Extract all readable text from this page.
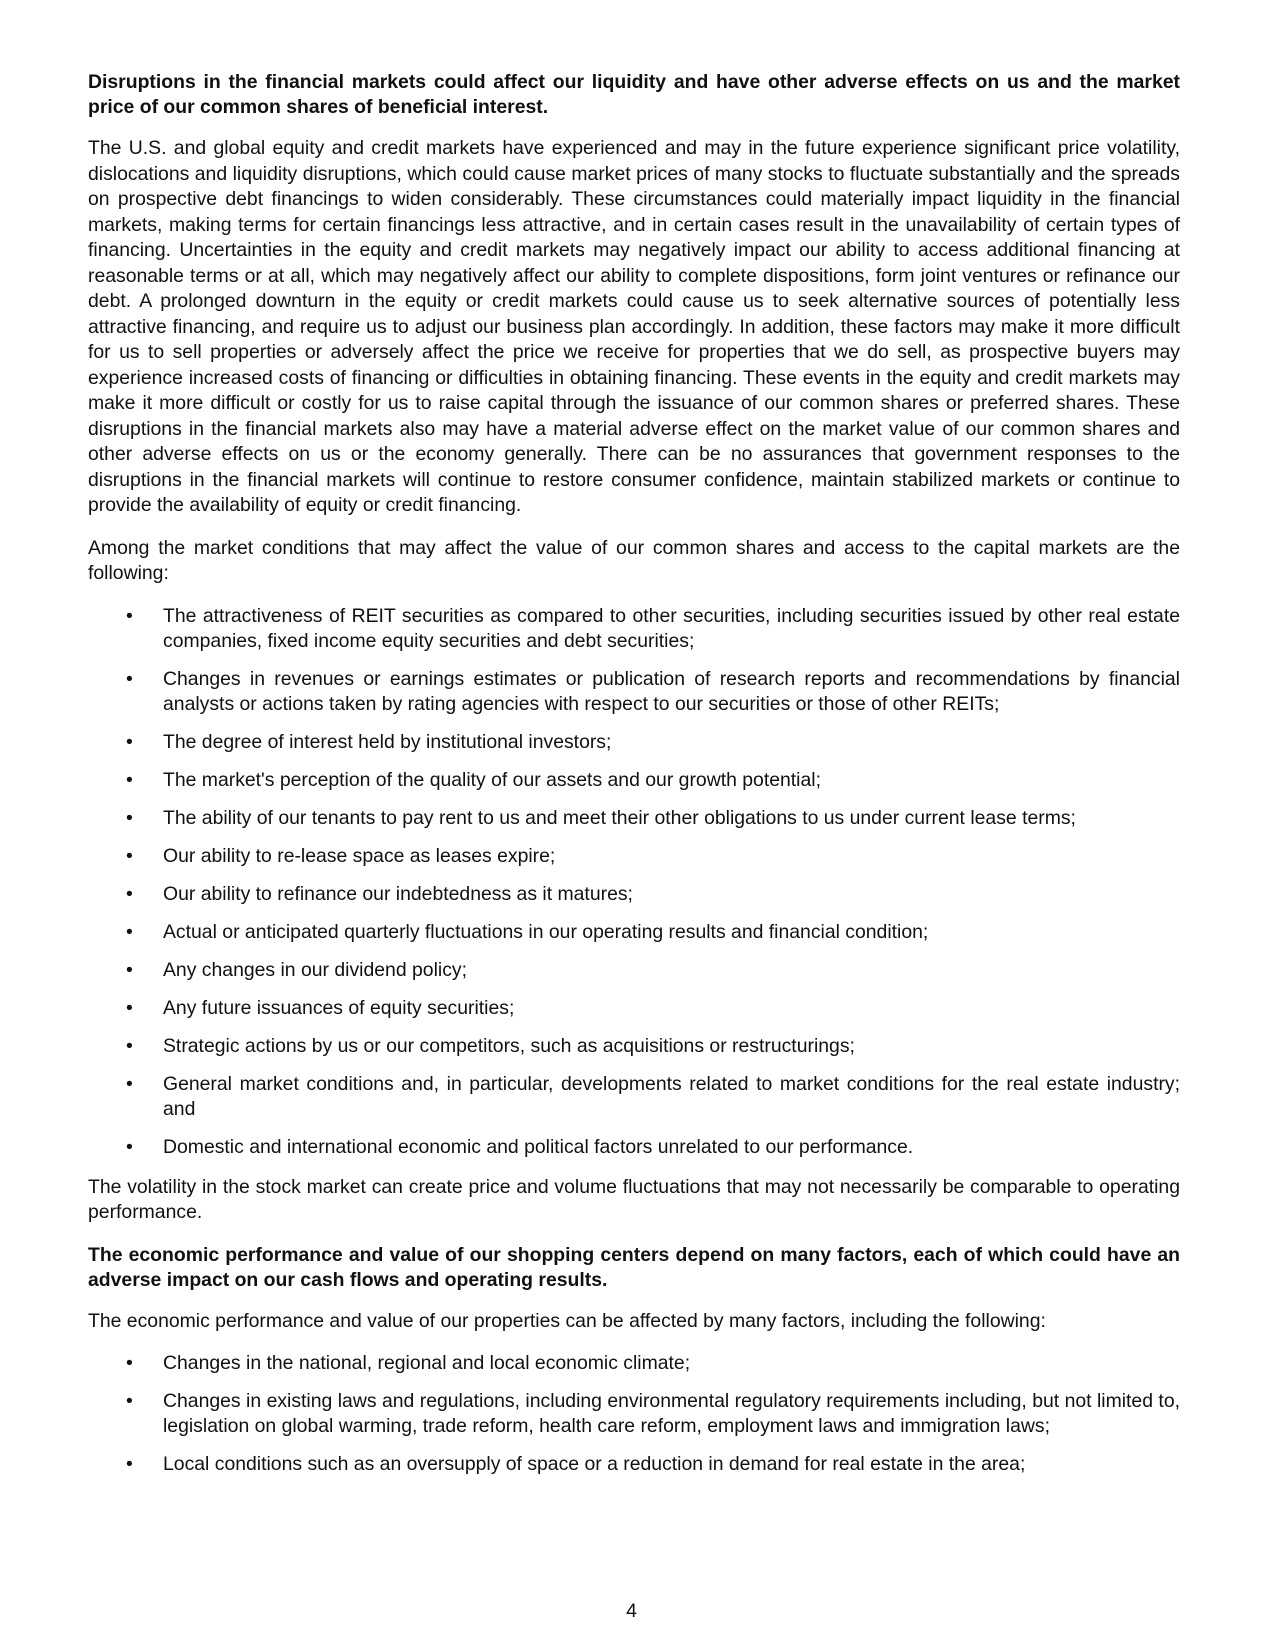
Disruptions in the financial markets could affect our liquidity and have other adverse effects on us and the market price of our common shares of beneficial interest.

The U.S. and global equity and credit markets have experienced and may in the future experience significant price volatility, dislocations and liquidity disruptions, which could cause market prices of many stocks to fluctuate substantially and the spreads on prospective debt financings to widen considerably. These circumstances could materially impact liquidity in the financial markets, making terms for certain financings less attractive, and in certain cases result in the unavailability of certain types of financing. Uncertainties in the equity and credit markets may negatively impact our ability to access additional financing at reasonable terms or at all, which may negatively affect our ability to complete dispositions, form joint ventures or refinance our debt. A prolonged downturn in the equity or credit markets could cause us to seek alternative sources of potentially less attractive financing, and require us to adjust our business plan accordingly. In addition, these factors may make it more difficult for us to sell properties or adversely affect the price we receive for properties that we do sell, as prospective buyers may experience increased costs of financing or difficulties in obtaining financing. These events in the equity and credit markets may make it more difficult or costly for us to raise capital through the issuance of our common shares or preferred shares. These disruptions in the financial markets also may have a material adverse effect on the market value of our common shares and other adverse effects on us or the economy generally. There can be no assurances that government responses to the disruptions in the financial markets will continue to restore consumer confidence, maintain stabilized markets or continue to provide the availability of equity or credit financing.

Among the market conditions that may affect the value of our common shares and access to the capital markets are the following:

• The attractiveness of REIT securities as compared to other securities, including securities issued by other real estate companies, fixed income equity securities and debt securities;
• Changes in revenues or earnings estimates or publication of research reports and recommendations by financial analysts or actions taken by rating agencies with respect to our securities or those of other REITs;
• The degree of interest held by institutional investors;
• The market's perception of the quality of our assets and our growth potential;
• The ability of our tenants to pay rent to us and meet their other obligations to us under current lease terms;
• Our ability to re-lease space as leases expire;
• Our ability to refinance our indebtedness as it matures;
• Actual or anticipated quarterly fluctuations in our operating results and financial condition;
• Any changes in our dividend policy;
• Any future issuances of equity securities;
• Strategic actions by us or our competitors, such as acquisitions or restructurings;
• General market conditions and, in particular, developments related to market conditions for the real estate industry; and
• Domestic and international economic and political factors unrelated to our performance.

The volatility in the stock market can create price and volume fluctuations that may not necessarily be comparable to operating performance.

The economic performance and value of our shopping centers depend on many factors, each of which could have an adverse impact on our cash flows and operating results.

The economic performance and value of our properties can be affected by many factors, including the following:

• Changes in the national, regional and local economic climate;
• Changes in existing laws and regulations, including environmental regulatory requirements including, but not limited to, legislation on global warming, trade reform, health care reform, employment laws and immigration laws;
• Local conditions such as an oversupply of space or a reduction in demand for real estate in the area;
4
